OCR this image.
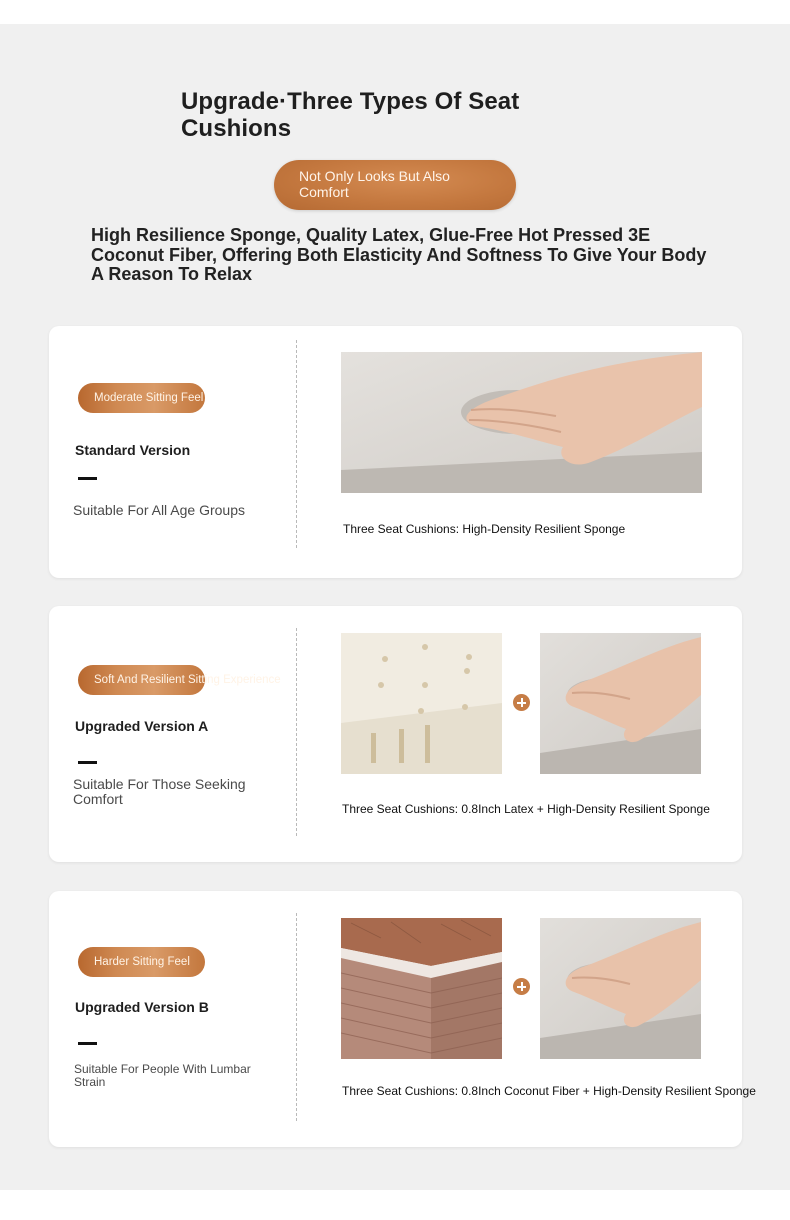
Upgrade·Three Types Of Seat Cushions
Not Only Looks But Also Comfort

High Resilience Sponge, Quality Latex, Glue-Free Hot Pressed 3E Coconut Fiber, Offering Both Elasticity And Softness To Give Your Body A Reason To Relax

Moderate Sitting Feel
Standard Version
Suitable For All Age Groups
Three Seat Cushions: High-Density Resilient Sponge
Soft And Resilient Sitting Experience
Upgraded Version A
Suitable For Those Seeking Comfort
Three Seat Cushions: 0.8Inch Latex + High-Density Resilient Sponge
Harder Sitting Feel
Upgraded Version B
Suitable For People With Lumbar Strain
Three Seat Cushions: 0.8Inch Coconut Fiber + High-Density Resilient Sponge
